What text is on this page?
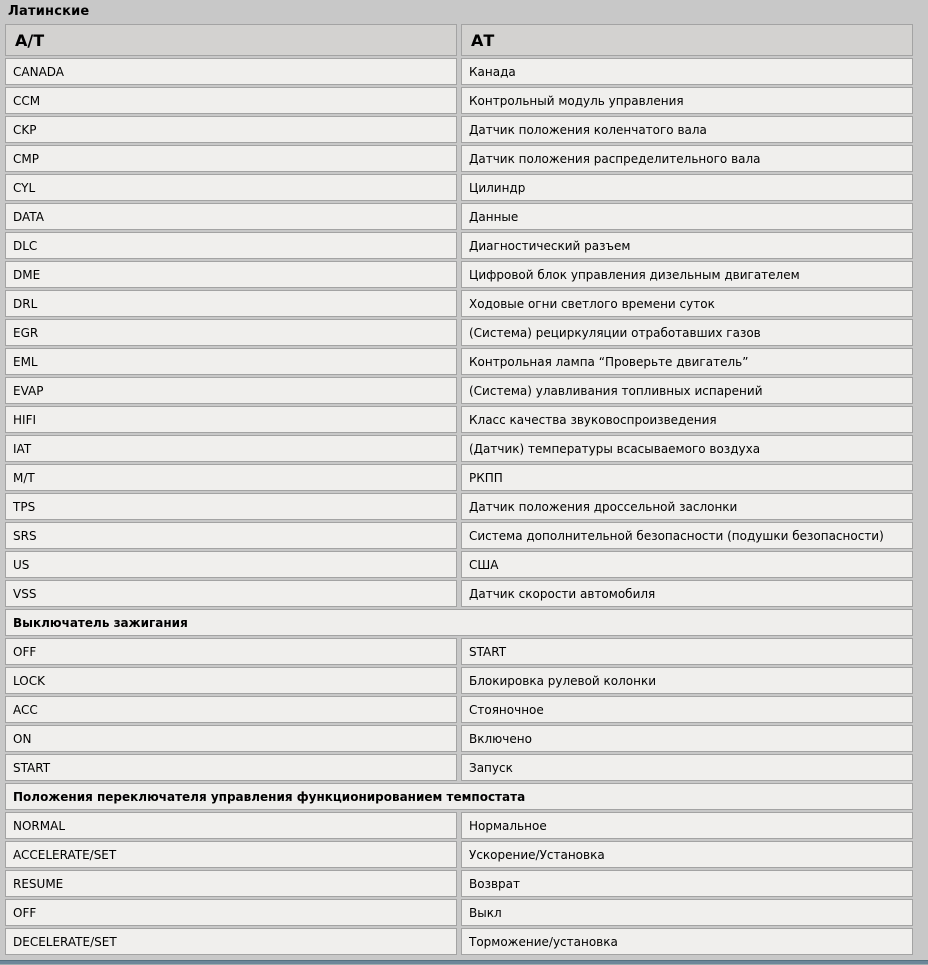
Латинские
A/T	АТ
CANADA	Канада
CCM	Контрольный модуль управления
CKP	Датчик положения коленчатого вала
CMP	Датчик положения распределительного вала
CYL	Цилиндр
DATA	Данные
DLC	Диагностический разъем
DME	Цифровой блок управления дизельным двигателем
DRL	Ходовые огни светлого времени суток
EGR	(Система) рециркуляции отработавших газов
EML	Контрольная лампа “Проверьте двигатель”
EVAP	(Система) улавливания топливных испарений
HIFI	Класс качества звуковоспроизведения
IAT	(Датчик) температуры всасываемого воздуха
M/T	РКПП
TPS	Датчик положения дроссельной заслонки
SRS	Система дополнительной безопасности (подушки безопасности)
US	США
VSS	Датчик скорости автомобиля
Выключатель зажигания	
OFF	START
LOCK	Блокировка рулевой колонки
ACC	Стояночное
ON	Включено
START	Запуск
Положения переключателя управления функционированием темпостата	
NORMAL	Нормальное
ACCELERATE/SET	Ускорение/Установка
RESUME	Возврат
OFF	Выкл
DECELERATE/SET	Торможение/установка
